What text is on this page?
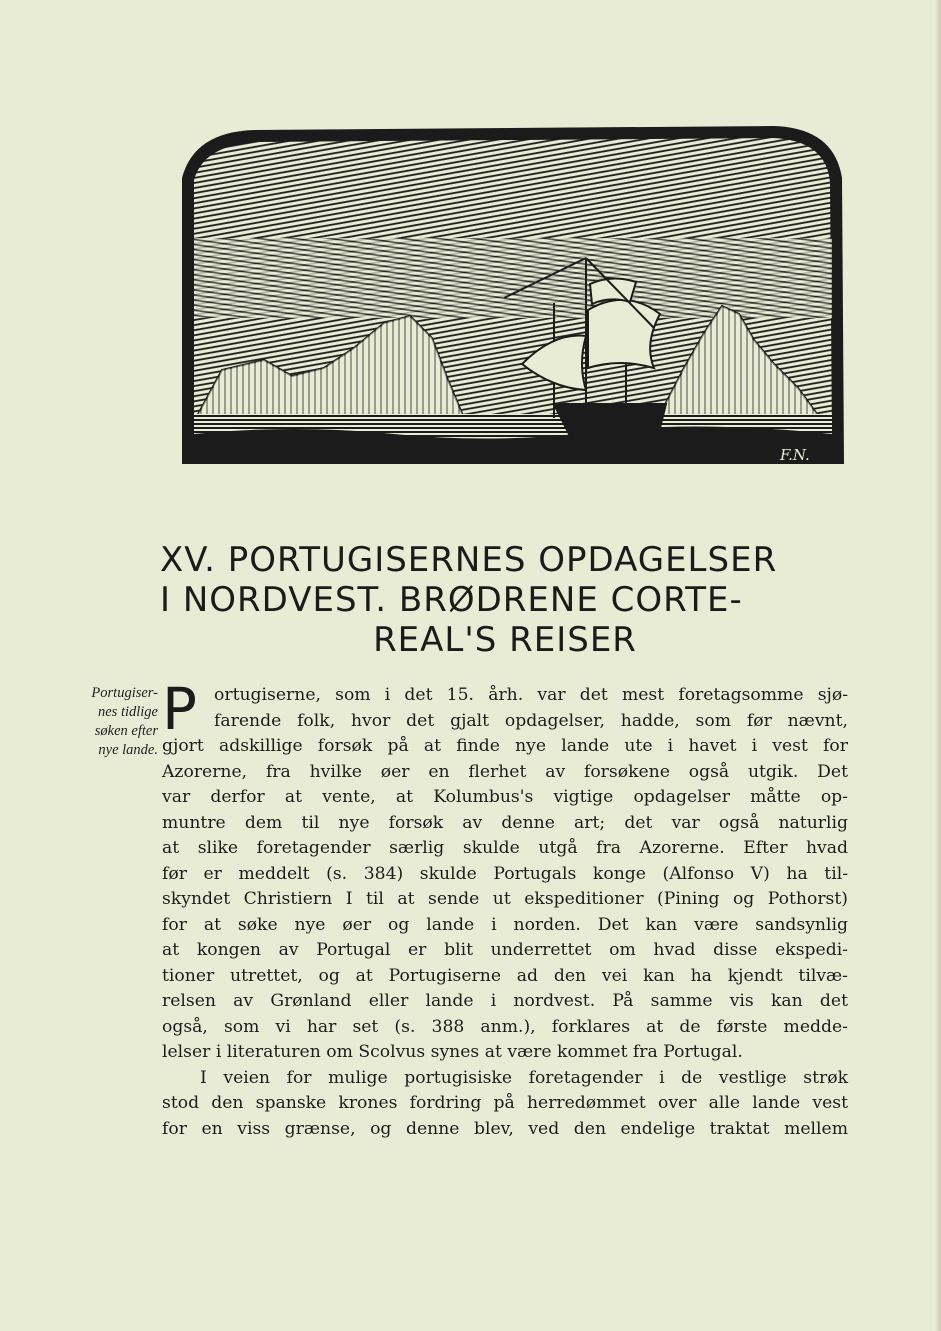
F.N.
XV. PORTUGISERNES OPDAGELSER
I NORDVEST. BRØDRENE CORTE-
REAL'S REISER
Portugiser-
nes tidlige
søken efter
nye lande.
P ortugiserne, som i det 15. årh. var det mest foretagsomme sjø-
farende folk, hvor det gjalt opdagelser, hadde, som før nævnt,
gjort adskillige forsøk på at finde nye lande ute i havet i vest for
Azorerne, fra hvilke øer en flerhet av forsøkene også utgik. Det
var derfor at vente, at Kolumbus's vigtige opdagelser måtte op-
muntre dem til nye forsøk av denne art; det var også naturlig
at slike foretagender særlig skulde utgå fra Azorerne. Efter hvad
før er meddelt (s. 384) skulde Portugals konge (Alfonso V) ha til-
skyndet Christiern I til at sende ut ekspeditioner (Pining og Pothorst)
for at søke nye øer og lande i norden. Det kan være sandsynlig
at kongen av Portugal er blit underrettet om hvad disse ekspedi-
tioner utrettet, og at Portugiserne ad den vei kan ha kjendt tilvæ-
relsen av Grønland eller lande i nordvest. På samme vis kan det
også, som vi har set (s. 388 anm.), forklares at de første medde-
lelser i literaturen om Scolvus synes at være kommet fra Portugal.
I veien for mulige portugisiske foretagender i de vestlige strøk
stod den spanske krones fordring på herredømmet over alle lande vest
for en viss grænse, og denne blev, ved den endelige traktat mellem
